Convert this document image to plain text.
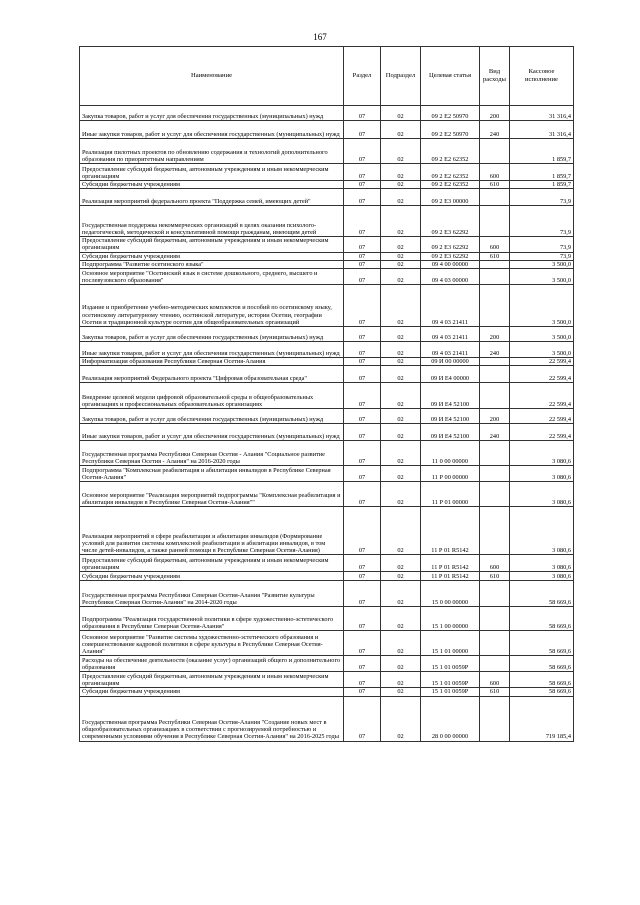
167
Наименование	Раздел	Подраздел	Целевая статья	Вид расходы	Кассовое исполнение
Закупка товаров, работ и услуг для обеспечения государственных (муниципальных) нужд	07	02	09 2 E2 50970	200	31 316,4
Иные закупки товаров, работ и услуг для обеспечения государственных (муниципальных) нужд	07	02	09 2 E2 50970	240	31 316,4
Реализация пилотных проектов по обновлению содержания и технологий дополнительного образования по приоритетным направлениям	07	02	09 2 E2 62352		1 859,7
Предоставление субсидий бюджетным, автономным учреждениям и иным некоммерческим организациям	07	02	09 2 E2 62352	600	1 859,7
Субсидии бюджетным учреждениям	07	02	09 2 E2 62352	610	1 859,7
Реализация мероприятий федерального проекта "Поддержка семей, имеющих детей"	07	02	09 2 E3 00000		73,9
Государственная поддержка некоммерческих организаций в целях оказания психолого-педагогической, методической и консультативной помощи гражданам, имеющим детей	07	02	09 2 E3 62292		73,9
Предоставление субсидий бюджетным, автономным учреждениям и иным некоммерческим организациям	07	02	09 2 E3 62292	600	73,9
Субсидии бюджетным учреждениям	07	02	09 2 E3 62292	610	73,9
Подпрограмма "Развитие осетинского языка"	07	02	09 4 00 00000		3 500,0
Основное мероприятие "Осетинский язык в системе дошкольного, среднего, высшего и послевузовского образования"	07	02	09 4 03 00000		3 500,0
Издание и приобретение учебно-методических комплектов и пособий по осетинскому языку, осетинскому литературному чтению, осетинской литературе, истории Осетии, географии Осетии и традиционной культуре осетин для общеобразовательных организаций	07	02	09 4 03 21411		3 500,0
Закупка товаров, работ и услуг для обеспечения государственных (муниципальных) нужд	07	02	09 4 03 21411	200	3 500,0
Иные закупки товаров, работ и услуг для обеспечения государственных (муниципальных) нужд	07	02	09 4 03 21411	240	3 500,0
Информатизация образования Республики Северная Осетия-Алания	07	02	09 И 00 00000		22 599,4
Реализация мероприятий Федерального проекта "Цифровая образовательная среда"	07	02	09 И E4 00000		22 599,4
Внедрение целевой модели цифровой образовательной среды в общеобразовательных организациях и профессиональных образовательных организациях	07	02	09 И E4 52100		22 599,4
Закупка товаров, работ и услуг для обеспечения государственных (муниципальных) нужд	07	02	09 И E4 52100	200	22 599,4
Иные закупки товаров, работ и услуг для обеспечения государственных (муниципальных) нужд	07	02	09 И E4 52100	240	22 599,4
Государственная программа Республики Северная Осетия - Алания "Социальное развитие Республики Северная Осетия - Алания" на 2016-2020 годы	07	02	11 0 00 00000		3 080,6
Подпрограмма "Комплексная реабилитация и абилитация инвалидов в Республике Северная Осетия-Алания"	07	02	11 Р 00 00000		3 080,6
Основное мероприятие "Реализация мероприятий подпрограммы "Комплексная реабилитация и абилитация инвалидов в Республике Северная Осетия-Алания""	07	02	11 Р 01 00000		3 080,6
Реализация мероприятий в сфере реабилитации и абилитации инвалидов (Формирование условий для развития системы комплексной реабилитации и абилитации инвалидов, в том числе детей-инвалидов, а также ранней помощи в Республике Северная Осетия-Алания)	07	02	11 Р 01 R5142		3 080,6
Предоставление субсидий бюджетным, автономным учреждениям и иным некоммерческим организациям	07	02	11 Р 01 R5142	600	3 080,6
Субсидии бюджетным учреждениям	07	02	11 Р 01 R5142	610	3 080,6
Государственная программа Республики Северная Осетия-Алания "Развитие культуры Республики Северная Осетия-Алания" на 2014-2020 годы	07	02	15 0 00 00000		58 669,6
Подпрограмма "Реализация государственной политики в сфере художественно-эстетического образования в Республике Северная Осетия-Алания"	07	02	15 1 00 00000		58 669,6
Основное мероприятие "Развитие системы художественно-эстетического образования и совершенствование кадровой политики в сфере культуры в Республике Северная Осетия-Алания"	07	02	15 1 01 00000		58 669,6
Расходы на обеспечение деятельности (оказание услуг) организаций общего и дополнительного образования	07	02	15 1 01 0059Р		58 669,6
Предоставление субсидий бюджетным, автономным учреждениям и иным некоммерческим организациям	07	02	15 1 01 0059Р	600	58 669,6
Субсидии бюджетным учреждениям	07	02	15 1 01 0059Р	610	58 669,6
Государственная программа Республики Северная Осетия-Алания "Создание новых мест в общеобразовательных организациях в соответствии с прогнозируемой потребностью и современными условиями обучения в Республике Северная Осетия-Алания" на 2016-2025 годы	07	02	28 0 00 00000		719 185,4
